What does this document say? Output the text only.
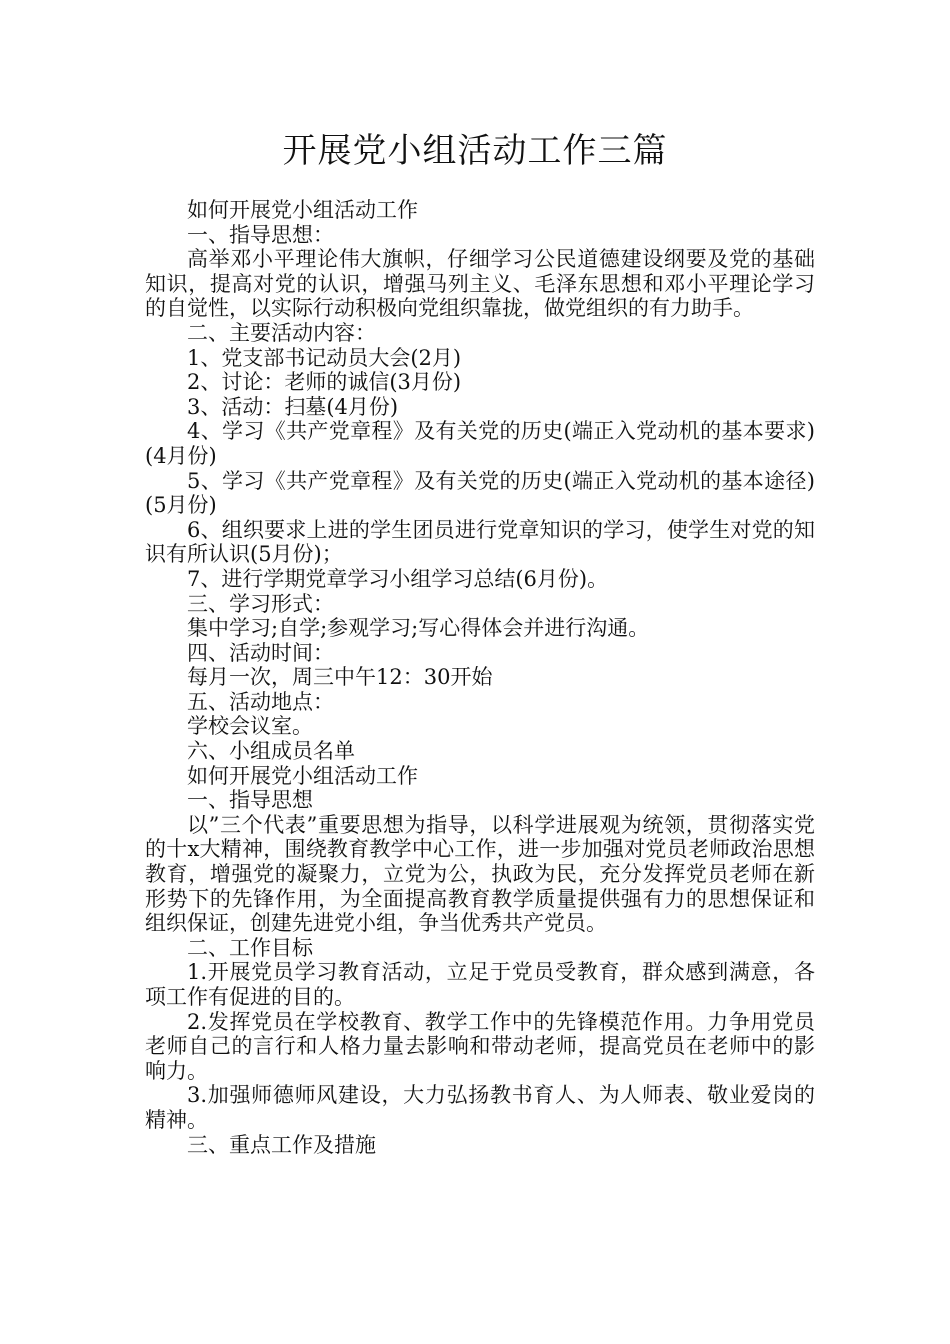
开展党小组活动工作三篇

如何开展党小组活动工作

一、指导思想：

高举邓小平理论伟大旗帜，仔细学习公民道德建设纲要及党的基础知识，提高对党的认识，增强马列主义、毛泽东思想和邓小平理论学习的自觉性，以实际行动积极向党组织靠拢，做党组织的有力助手。

二、主要活动内容：

1、党支部书记动员大会(2月)

2、讨论：老师的诚信(3月份)

3、活动：扫墓(4月份)

4、学习《共产党章程》及有关党的历史(端正入党动机的基本要求)(4月份)

5、学习《共产党章程》及有关党的历史(端正入党动机的基本途径)(5月份)

6、组织要求上进的学生团员进行党章知识的学习，使学生对党的知识有所认识(5月份)；

7、进行学期党章学习小组学习总结(6月份)。

三、学习形式：

集中学习;自学;参观学习;写心得体会并进行沟通。

四、活动时间：

每月一次，周三中午12：30开始

五、活动地点：

学校会议室。

六、小组成员名单

如何开展党小组活动工作

一、指导思想

以”三个代表”重要思想为指导，以科学进展观为统领，贯彻落实党的十x大精神，围绕教育教学中心工作，进一步加强对党员老师政治思想教育，增强党的凝聚力，立党为公，执政为民，充分发挥党员老师在新形势下的先锋作用，为全面提高教育教学质量提供强有力的思想保证和组织保证，创建先进党小组，争当优秀共产党员。

二、工作目标

1.开展党员学习教育活动，立足于党员受教育，群众感到满意，各项工作有促进的目的。

2.发挥党员在学校教育、教学工作中的先锋模范作用。力争用党员老师自己的言行和人格力量去影响和带动老师，提高党员在老师中的影响力。

3.加强师德师风建设，大力弘扬教书育人、为人师表、敬业爱岗的精神。

三、重点工作及措施
